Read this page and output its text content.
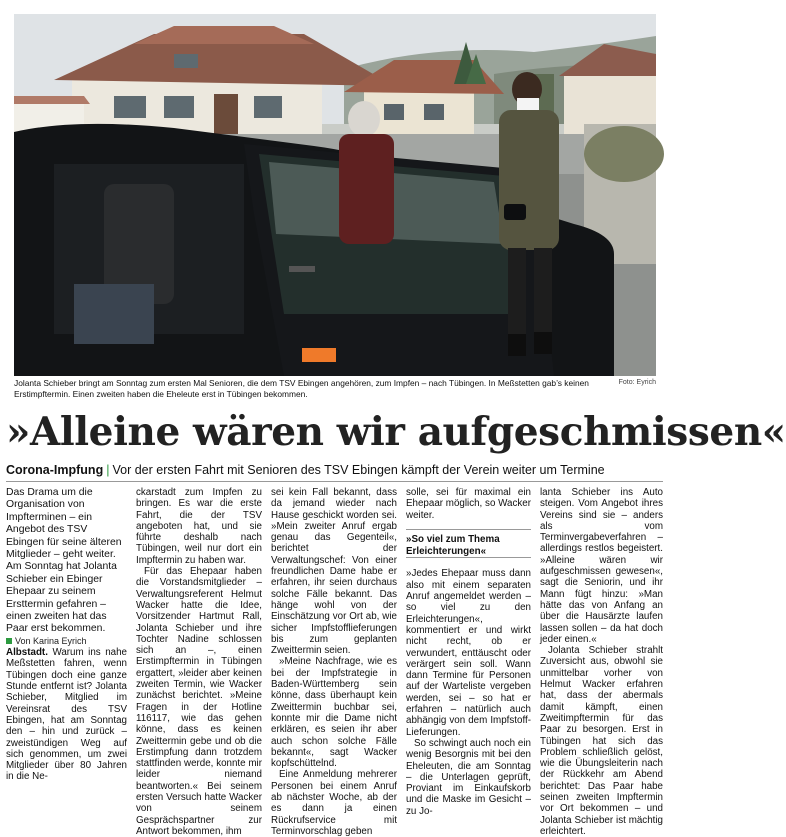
Foto: Eyrich
Jolanta Schieber bringt am Sonntag zum ersten Mal Senioren, die dem TSV Ebingen angehören, zum Impfen – nach Tübingen. In Meßstetten gab’s keinen Erstimpftermin. Einen zweiten haben die Eheleute erst in Tübingen bekommen.
»Alleine wären wir aufgeschmissen«
Corona-Impfung | Vor der ersten Fahrt mit Senioren des TSV Ebingen kämpft der Verein weiter um Termine

Das Drama um die Organisation von Impfterminen – ein Angebot des TSV Ebingen für seine älteren Mitglieder – geht weiter. Am Sonntag hat Jolanta Schieber ein Ebinger Ehepaar zu seinem Ersttermin gefahren – einen zweiten hat das Paar erst bekommen.

Von Karina Eyrich

Albstadt. Warum ins nahe Meßstetten fahren, wenn Tübingen doch eine ganze Stunde entfernt ist? Jolanta Schieber, Mitglied im Vereinsrat des TSV Ebingen, hat am Sonntag den – hin und zurück – zweistündigen Weg auf sich genommen, um zwei Mitglieder über 80 Jahren in die Ne-

ckarstadt zum Impfen zu bringen. Es war die erste Fahrt, die der TSV angeboten hat, und sie führte deshalb nach Tübingen, weil nur dort ein Impftermin zu haben war.

Für das Ehepaar haben die Vorstandsmitglieder – Verwaltungsreferent Helmut Wacker hatte die Idee, Vorsitzender Hartmut Rall, Jolanta Schieber und ihre Tochter Nadine schlossen sich an –, einen Erstimpftermin in Tübingen ergattert, »leider aber keinen zweiten Termin, wie Wacker zunächst berichtet. »Meine Fragen in der Hotline 116117, wie das gehen könne, dass es keinen Zweittermin gebe und ob die Erstimpfung dann trotzdem stattfinden werde, konnte mir leider niemand beantworten.« Bei seinem ersten Versuch hatte Wacker von seinem Gesprächspartner zur Antwort bekommen, ihm

sei kein Fall bekannt, dass da jemand wieder nach Hause geschickt worden sei. »Mein zweiter Anruf ergab genau das Gegenteil«, berichtet der Verwaltungschef: Von einer freundlichen Dame habe er erfahren, ihr seien durchaus solche Fälle bekannt. Das hänge wohl von der Einschätzung vor Ort ab, wie sicher Impfstofflieferungen bis zum geplanten Zweittermin seien.

»Meine Nachfrage, wie es bei der Impfstrategie in Baden-Württemberg sein könne, dass überhaupt kein Zweittermin buchbar sei, konnte mir die Dame nicht erklären, es seien ihr aber auch schon solche Fälle bekannt«, sagt Wacker kopfschüttelnd.

Eine Anmeldung mehrerer Personen bei einem Anruf ab nächster Woche, ab der es dann ja einen Rückrufservice mit Terminvorschlag geben

solle, sei für maximal ein Ehepaar möglich, so Wacker weiter.

»So viel zum Thema Erleichterungen«

»Jedes Ehepaar muss dann also mit einem separaten Anruf angemeldet werden – so viel zu den Erleichterungen«, kommentiert er und wirkt nicht recht, ob er verwundert, enttäuscht oder verärgert sein soll. Wann dann Termine für Personen auf der Warteliste vergeben werden, sei – so hat er erfahren – natürlich auch abhängig von dem Impfstoff-Lieferungen.

So schwingt auch noch ein wenig Besorgnis mit bei den Eheleuten, die am Sonntag – die Unterlagen geprüft, Proviant im Einkaufskorb und die Maske im Gesicht – zu Jo-

lanta Schieber ins Auto steigen. Vom Angebot ihres Vereins sind sie – anders als vom Terminvergabeverfahren – allerdings restlos begeistert. »Alleine wären wir aufgeschmissen gewesen«, sagt die Seniorin, und ihr Mann fügt hinzu: »Man hätte das von Anfang an über die Hausärzte laufen lassen sollen – da hat doch jeder einen.«

Jolanta Schieber strahlt Zuversicht aus, obwohl sie unmittelbar vorher von Helmut Wacker erfahren hat, dass der abermals damit kämpft, einen Zweitimpftermin für das Paar zu besorgen. Erst in Tübingen hat sich das Problem schließlich gelöst, wie die Übungsleiterin nach der Rückkehr am Abend berichtet: Das Paar habe seinen zweiten Impftermin vor Ort bekommen – und Jolanta Schieber ist mächtig erleichtert.
